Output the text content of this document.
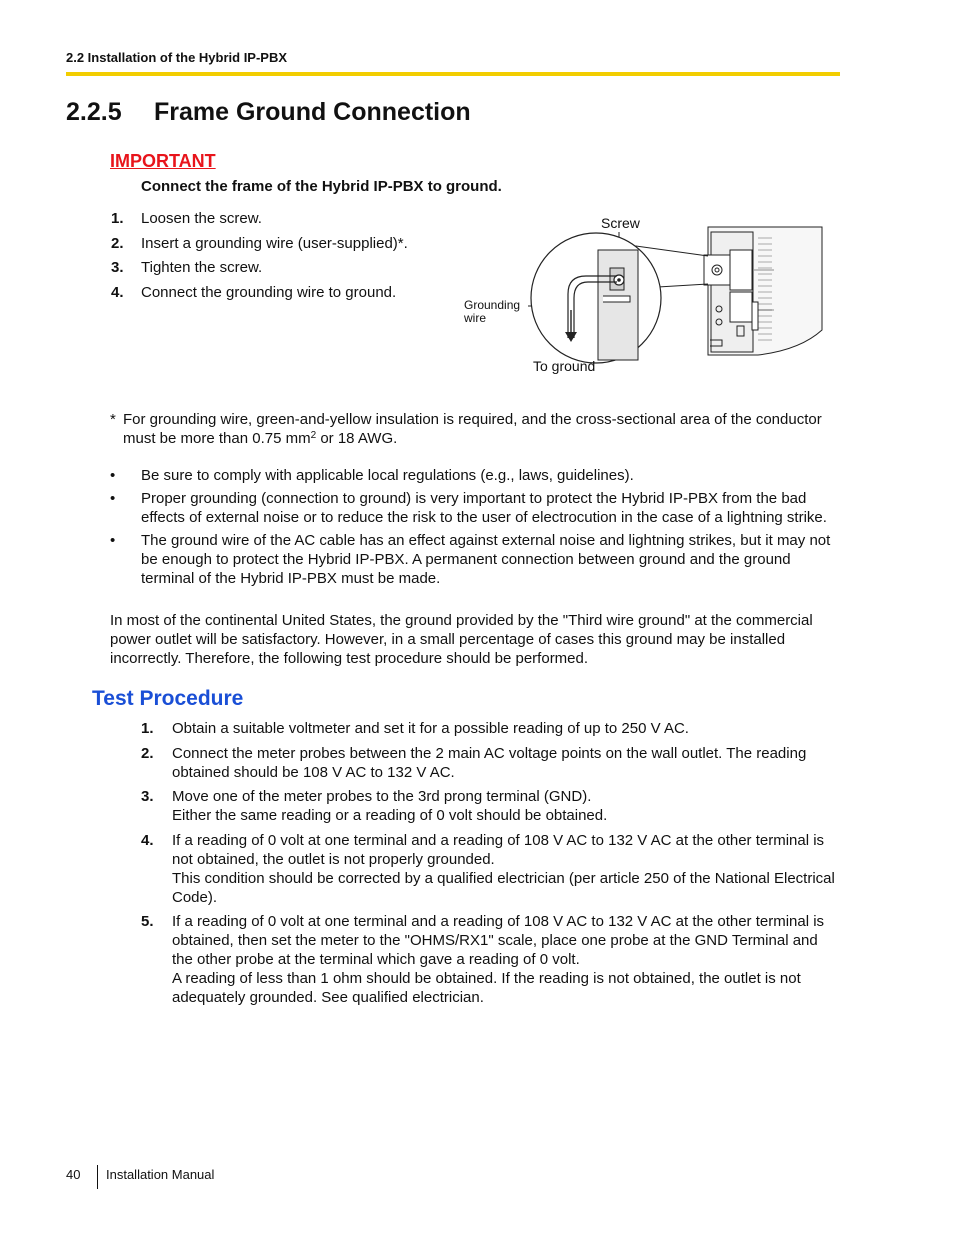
2.2 Installation of the Hybrid IP-PBX
2.2.5 Frame Ground Connection
IMPORTANT
Connect the frame of the Hybrid IP-PBX to ground.
1. Loosen the screw.
2. Insert a grounding wire (user-supplied)*.
3. Tighten the screw.
4. Connect the grounding wire to ground.
Screw
Grounding
wire
To ground
* For grounding wire, green-and-yellow insulation is required, and the cross-sectional area of the conductor must be more than 0.75 $mm^2$ or 18 AWG.
• Be sure to comply with applicable local regulations (e.g., laws, guidelines).
• Proper grounding (connection to ground) is very important to protect the Hybrid IP-PBX from the bad effects of external noise or to reduce the risk to the user of electrocution in the case of a lightning strike.
• The ground wire of the AC cable has an effect against external noise and lightning strikes, but it may not be enough to protect the Hybrid IP-PBX. A permanent connection between ground and the ground terminal of the Hybrid IP-PBX must be made.
In most of the continental United States, the ground provided by the "Third wire ground" at the commercial power outlet will be satisfactory. However, in a small percentage of cases this ground may be installed incorrectly. Therefore, the following test procedure should be performed.
Test Procedure
1. Obtain a suitable voltmeter and set it for a possible reading of up to 250 V AC.
2. Connect the meter probes between the 2 main AC voltage points on the wall outlet. The reading obtained should be 108 V AC to 132 V AC.
3. Move one of the meter probes to the 3rd prong terminal (GND).
Either the same reading or a reading of 0 volt should be obtained.
4. If a reading of 0 volt at one terminal and a reading of 108 V AC to 132 V AC at the other terminal is not obtained, the outlet is not properly grounded.
This condition should be corrected by a qualified electrician (per article 250 of the National Electrical Code).
5. If a reading of 0 volt at one terminal and a reading of 108 V AC to 132 V AC at the other terminal is obtained, then set the meter to the "OHMS/RX1" scale, place one probe at the GND Terminal and the other probe at the terminal which gave a reading of 0 volt.
A reading of less than 1 ohm should be obtained. If the reading is not obtained, the outlet is not adequately grounded. See qualified electrician.
40 Installation Manual
